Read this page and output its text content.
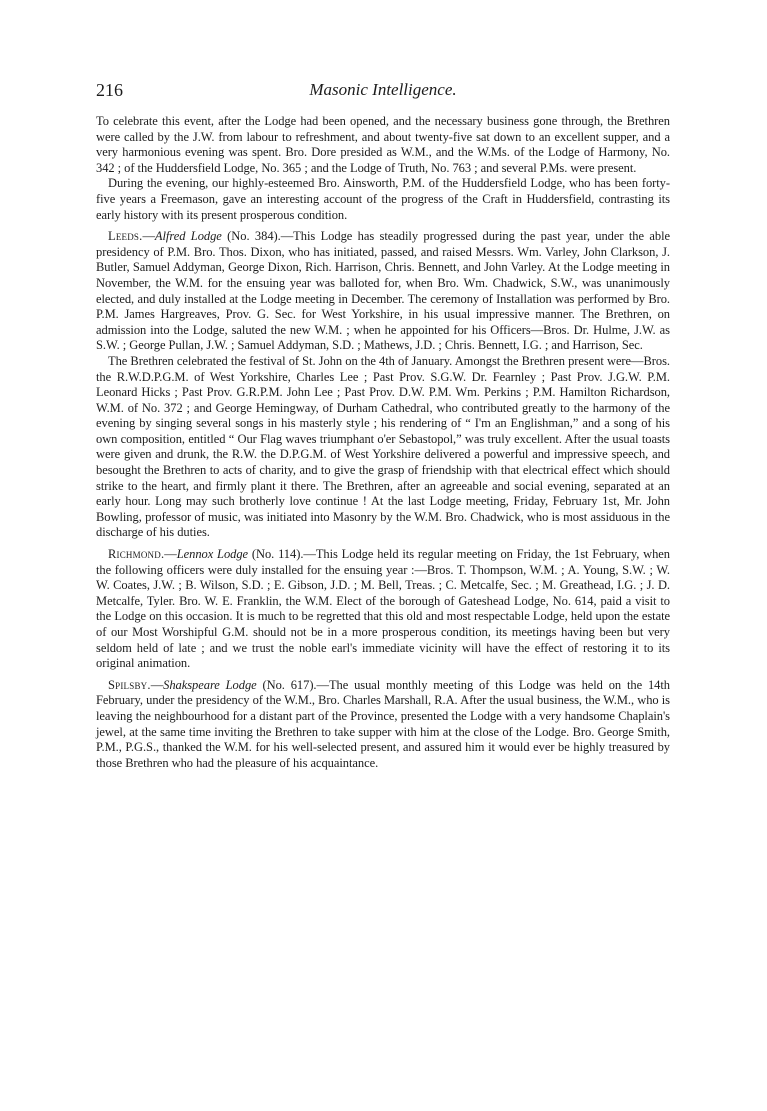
216	Masonic Intelligence.

To celebrate this event, after the Lodge had been opened, and the necessary business gone through, the Brethren were called by the J.W. from labour to refreshment, and about twenty-five sat down to an excellent supper, and a very harmonious evening was spent. Bro. Dore presided as W.M., and the W.Ms. of the Lodge of Harmony, No. 342 ; of the Huddersfield Lodge, No. 365 ; and the Lodge of Truth, No. 763 ; and several P.Ms. were present.

During the evening, our highly-esteemed Bro. Ainsworth, P.M. of the Huddersfield Lodge, who has been forty-five years a Freemason, gave an interesting account of the progress of the Craft in Huddersfield, contrasting its early history with its present prosperous condition.

Leeds.—Alfred Lodge (No. 384).—This Lodge has steadily progressed during the past year, under the able presidency of P.M. Bro. Thos. Dixon, who has initiated, passed, and raised Messrs. Wm. Varley, John Clarkson, J. Butler, Samuel Addyman, George Dixon, Rich. Harrison, Chris. Bennett, and John Varley. At the Lodge meeting in November, the W.M. for the ensuing year was balloted for, when Bro. Wm. Chadwick, S.W., was unanimously elected, and duly installed at the Lodge meeting in December. The ceremony of Installation was performed by Bro. P.M. James Hargreaves, Prov. G. Sec. for West Yorkshire, in his usual impressive manner. The Brethren, on admission into the Lodge, saluted the new W.M. ; when he appointed for his Officers—Bros. Dr. Hulme, J.W. as S.W. ; George Pullan, J.W. ; Samuel Addyman, S.D. ; Mathews, J.D. ; Chris. Bennett, I.G. ; and Harrison, Sec.

The Brethren celebrated the festival of St. John on the 4th of January. Amongst the Brethren present were—Bros. the R.W.D.P.G.M. of West Yorkshire, Charles Lee ; Past Prov. S.G.W. Dr. Fearnley ; Past Prov. J.G.W. P.M. Leonard Hicks ; Past Prov. G.R.P.M. John Lee ; Past Prov. D.W. P.M. Wm. Perkins ; P.M. Hamilton Richardson, W.M. of No. 372 ; and George Hemingway, of Durham Cathedral, who contributed greatly to the harmony of the evening by singing several songs in his masterly style ; his rendering of “ I'm an Englishman,” and a song of his own composition, entitled “ Our Flag waves triumphant o'er Sebastopol,” was truly excellent. After the usual toasts were given and drunk, the R.W. the D.P.G.M. of West Yorkshire delivered a powerful and impressive speech, and besought the Brethren to acts of charity, and to give the grasp of friendship with that electrical effect which should strike to the heart, and firmly plant it there. The Brethren, after an agreeable and social evening, separated at an early hour. Long may such brotherly love continue ! At the last Lodge meeting, Friday, February 1st, Mr. John Bowling, professor of music, was initiated into Masonry by the W.M. Bro. Chadwick, who is most assiduous in the discharge of his duties.

Richmond.—Lennox Lodge (No. 114).—This Lodge held its regular meeting on Friday, the 1st February, when the following officers were duly installed for the ensuing year :—Bros. T. Thompson, W.M. ; A. Young, S.W. ; W. W. Coates, J.W. ; B. Wilson, S.D. ; E. Gibson, J.D. ; M. Bell, Treas. ; C. Metcalfe, Sec. ; M. Greathead, I.G. ; J. D. Metcalfe, Tyler. Bro. W. E. Franklin, the W.M. Elect of the borough of Gateshead Lodge, No. 614, paid a visit to the Lodge on this occasion. It is much to be regretted that this old and most respectable Lodge, held upon the estate of our Most Worshipful G.M. should not be in a more prosperous condition, its meetings having been but very seldom held of late ; and we trust the noble earl's immediate vicinity will have the effect of restoring it to its original animation.

Spilsby.—Shakspeare Lodge (No. 617).—The usual monthly meeting of this Lodge was held on the 14th February, under the presidency of the W.M., Bro. Charles Marshall, R.A. After the usual business, the W.M., who is leaving the neighbourhood for a distant part of the Province, presented the Lodge with a very handsome Chaplain's jewel, at the same time inviting the Brethren to take supper with him at the close of the Lodge. Bro. George Smith, P.M., P.G.S., thanked the W.M. for his well-selected present, and assured him it would ever be highly treasured by those Brethren who had the pleasure of his acquaintance.
